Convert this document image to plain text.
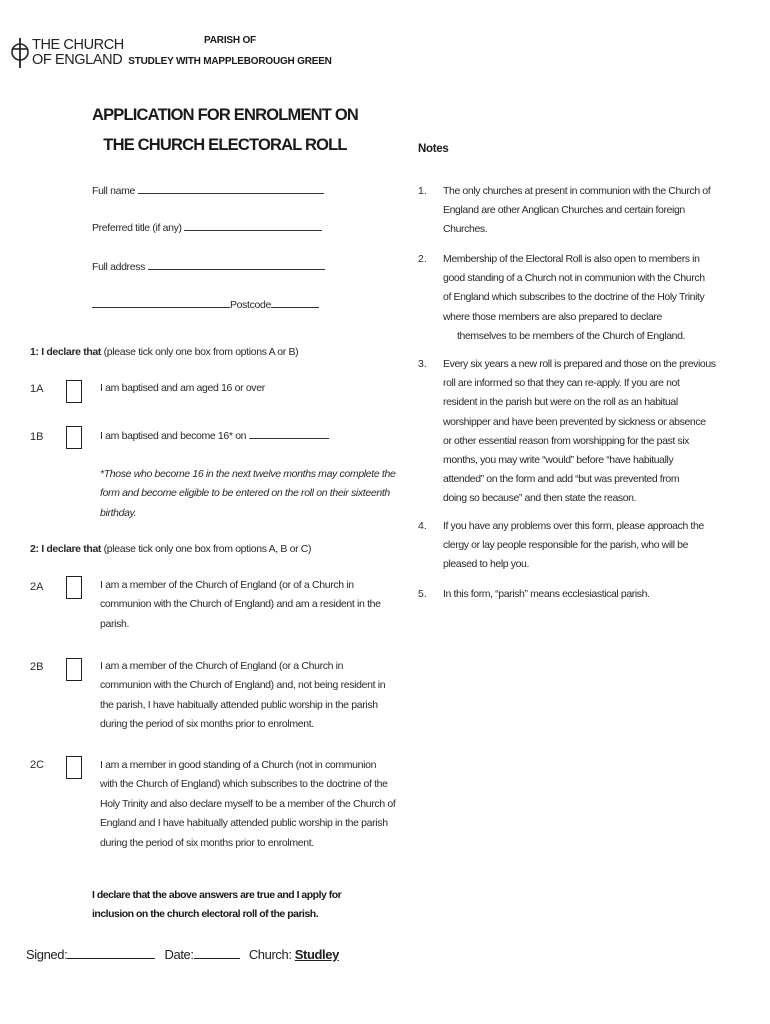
THE CHURCH
OF ENGLAND
PARISH OF
STUDLEY WITH MAPPLEBOROUGH GREEN
APPLICATION FOR ENROLMENT ON
THE CHURCH ELECTORAL ROLL
Full name
Preferred title (if any)
Full address
Postcode
1: I declare that (please tick only one box from options A or B)
1A	I am baptised and am aged 16 or over
1B	I am baptised and become 16* on
*Those who become 16 in the next twelve months may complete the
form and become eligible to be entered on the roll on their sixteenth
birthday.
2: I declare that (please tick only one box from options A, B or C)
2A	I am a member of the Church of England (or of a Church in
communion with the Church of England) and am a resident in the
parish.
2B	I am a member of the Church of England (or a Church in
communion with the Church of England) and, not being resident in
the parish, I have habitually attended public worship in the parish
during the period of six months prior to enrolment.
2C	I am a member in good standing of a Church (not in communion
with the Church of England) which subscribes to the doctrine of the
Holy Trinity and also declare myself to be a member of the Church of
England and I have habitually attended public worship in the parish
during the period of six months prior to enrolment.
I declare that the above answers are true and I apply for
inclusion on the church electoral roll of the parish.
Signed:	Date:	Church: Studley
Notes
1. The only churches at present in communion with the Church of
England are other Anglican Churches and certain foreign
Churches.
2. Membership of the Electoral Roll is also open to members in
good standing of a Church not in communion with the Church
of England which subscribes to the doctrine of the Holy Trinity
where those members are also prepared to declare
themselves to be members of the Church of England.
3. Every six years a new roll is prepared and those on the previous
roll are informed so that they can re-apply. If you are not
resident in the parish but were on the roll as an habitual
worshipper and have been prevented by sickness or absence
or other essential reason from worshipping for the past six
months, you may write “would” before “have habitually
attended” on the form and add “but was prevented from
doing so because” and then state the reason.
4. If you have any problems over this form, please approach the
clergy or lay people responsible for the parish, who will be
pleased to help you.
5. In this form, “parish” means ecclesiastical parish.
